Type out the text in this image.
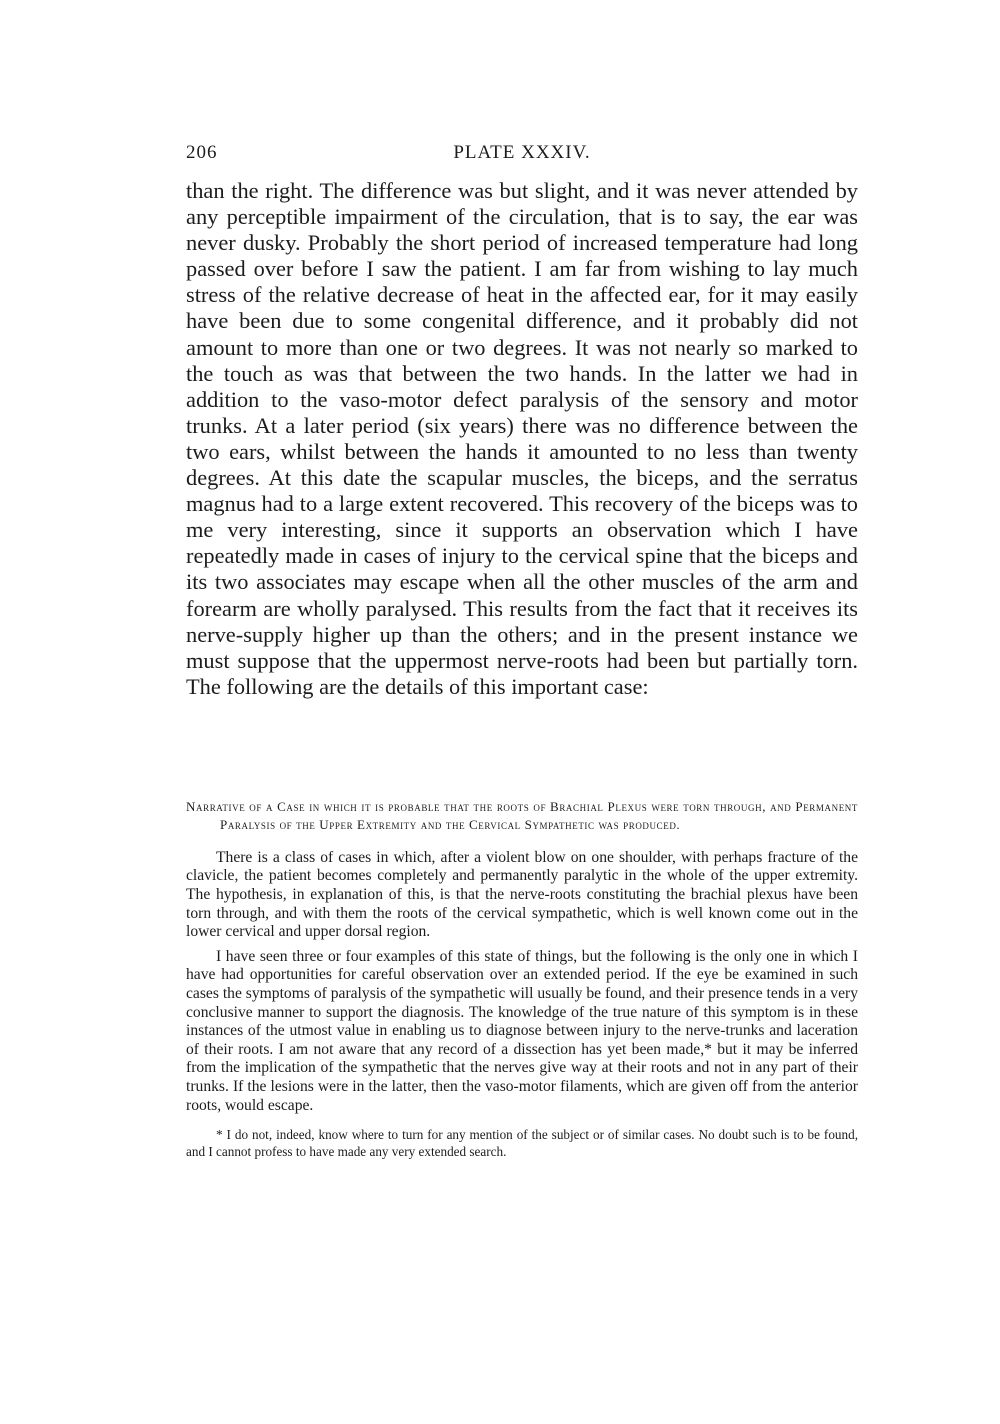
206	PLATE XXXIV.

than the right. The difference was but slight, and it was never attended by any perceptible impairment of the circulation, that is to say, the ear was never dusky. Probably the short period of increased temperature had long passed over before I saw the patient. I am far from wishing to lay much stress of the relative decrease of heat in the affected ear, for it may easily have been due to some congenital difference, and it probably did not amount to more than one or two degrees. It was not nearly so marked to the touch as was that between the two hands. In the latter we had in addition to the vaso-motor defect paralysis of the sensory and motor trunks. At a later period (six years) there was no difference between the two ears, whilst between the hands it amounted to no less than twenty degrees. At this date the scapular muscles, the biceps, and the serratus magnus had to a large extent recovered. This recovery of the biceps was to me very interesting, since it supports an observation which I have repeatedly made in cases of injury to the cervical spine that the biceps and its two associates may escape when all the other muscles of the arm and forearm are wholly paralysed. This results from the fact that it receives its nerve-supply higher up than the others; and in the present instance we must suppose that the uppermost nerve-roots had been but partially torn. The following are the details of this important case:

Narrative of a Case in which it is probable that the roots of Brachial Plexus were torn through, and Permanent Paralysis of the Upper Extremity and the Cervical Sympathetic was produced.

There is a class of cases in which, after a violent blow on one shoulder, with perhaps fracture of the clavicle, the patient becomes completely and permanently paralytic in the whole of the upper extremity. The hypothesis, in explanation of this, is that the nerve-roots constituting the brachial plexus have been torn through, and with them the roots of the cervical sympathetic, which is well known come out in the lower cervical and upper dorsal region.

I have seen three or four examples of this state of things, but the following is the only one in which I have had opportunities for careful observation over an extended period. If the eye be examined in such cases the symptoms of paralysis of the sympathetic will usually be found, and their presence tends in a very conclusive manner to support the diagnosis. The knowledge of the true nature of this symptom is in these instances of the utmost value in enabling us to diagnose between injury to the nerve-trunks and laceration of their roots. I am not aware that any record of a dissection has yet been made,* but it may be inferred from the implication of the sympathetic that the nerves give way at their roots and not in any part of their trunks. If the lesions were in the latter, then the vaso-motor filaments, which are given off from the anterior roots, would escape.

* I do not, indeed, know where to turn for any mention of the subject or of similar cases. No doubt such is to be found, and I cannot profess to have made any very extended search.
